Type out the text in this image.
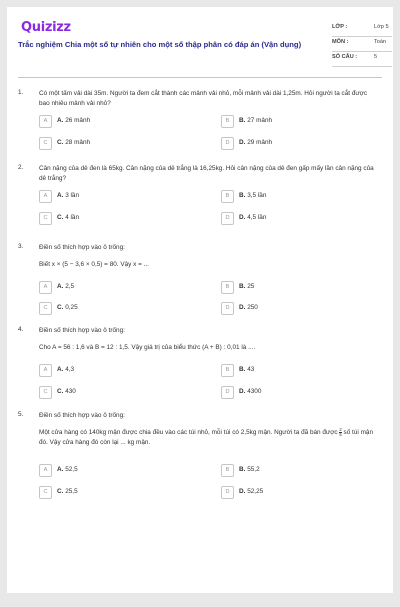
Quizizz
Trắc nghiệm Chia một số tự nhiên cho một số thập phân có đáp án (Vận dụng)
LỚP :	Lớp 5
MÔN :	Toán
SỐ CÂU :	5
1. Có một tấm vải dài 35m. Người ta đem cắt thành các mảnh vải nhỏ, mỗi mảnh vải dài 1,25m. Hỏi người ta cắt được bao nhiêu mảnh vải nhỏ?
A	A. 26 mảnh	B	B. 27 mảnh
C	C. 28 mảnh	D	D. 29 mảnh
2. Cân nặng của dê đen là 65kg. Cân nặng của dê trắng là 16,25kg. Hỏi cân nặng của dê đen gấp mấy lần cân nặng của dê trắng?
A	A. 3 lần	B	B. 3,5 lần
C	C. 4 lần	D	D. 4,5 lần
3. Điền số thích hợp vào ô trống:
Biết x × (5 − 3,6 × 0,5) = 80. Vậy x = ...
A	A. 2,5	B	B. 25
C	C. 0,25	D	D. 250
4. Điền số thích hợp vào ô trống:
Cho A = 56 : 1,6 và B = 12 : 1,5. Vậy giá trị của biểu thức (A + B) : 0,01 là ....
A	A. 4,3	B	B. 43
C	C. 430	D	D. 4300
5. Điền số thích hợp vào ô trống:
Một cửa hàng có 140kg mận được chia đều vào các túi nhỏ, mỗi túi có 2,5kg mận. Người ta đã bán được $\frac{2}{5}$ số túi mận đó. Vậy cửa hàng đó còn lại ... kg mận.
A	A. 52,5	B	B. 55,2
C	C. 25,5	D	D. 52,25
